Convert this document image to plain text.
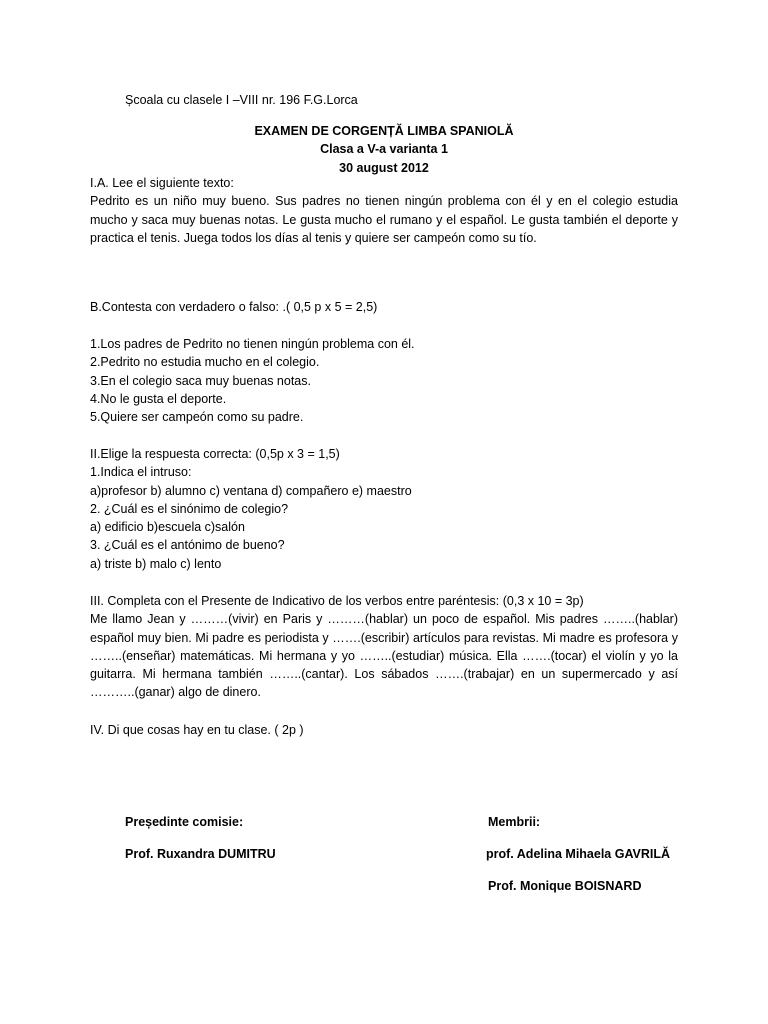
Școala cu clasele I –VIII nr. 196 F.G.Lorca
EXAMEN DE CORGENȚĂ LIMBA SPANIOLĂ
Clasa a V-a varianta 1
30 august 2012
I.A. Lee el siguiente texto:
Pedrito es un niño muy bueno. Sus padres no tienen ningún problema con él y en el colegio estudia mucho y saca muy buenas notas. Le gusta mucho el rumano y el español. Le gusta también el deporte y practica el tenis. Juega todos los días al tenis y quiere ser campeón como su tío.
B.Contesta con verdadero o falso: .( 0,5 p x 5 = 2,5)
1.Los padres de Pedrito no tienen ningún problema con él.
2.Pedrito no estudia mucho en el colegio.
3.En el colegio saca muy buenas notas.
4.No le gusta el deporte.
5.Quiere ser campeón como su padre.
II.Elige la respuesta correcta: (0,5p x 3 = 1,5)
1.Indica el intruso:
a)profesor b) alumno c) ventana d) compañero e) maestro
2. ¿Cuál es el sinónimo de colegio?
a) edificio b)escuela c)salón
3. ¿Cuál es el antónimo de bueno?
a) triste b) malo c) lento
III. Completa con el Presente de Indicativo de los verbos entre paréntesis: (0,3 x 10 = 3p)
Me llamo Jean y ………(vivir) en Paris y ………(hablar) un poco de español. Mis padres ……..(hablar) español muy bien. Mi padre es periodista y …….(escribir) artículos para revistas. Mi madre es profesora y ……..(enseñar) matemáticas. Mi hermana y yo ……..(estudiar) música. Ella …….(tocar) el violín y yo la guitarra. Mi hermana también ……..(cantar). Los sábados …….(trabajar) en un supermercado y así ………..(ganar) algo de dinero.
IV. Di que cosas hay en tu clase. ( 2p )
Președinte comisie:
Prof. Ruxandra DUMITRU
Membrii:
prof. Adelina Mihaela GAVRILĂ
Prof. Monique BOISNARD
